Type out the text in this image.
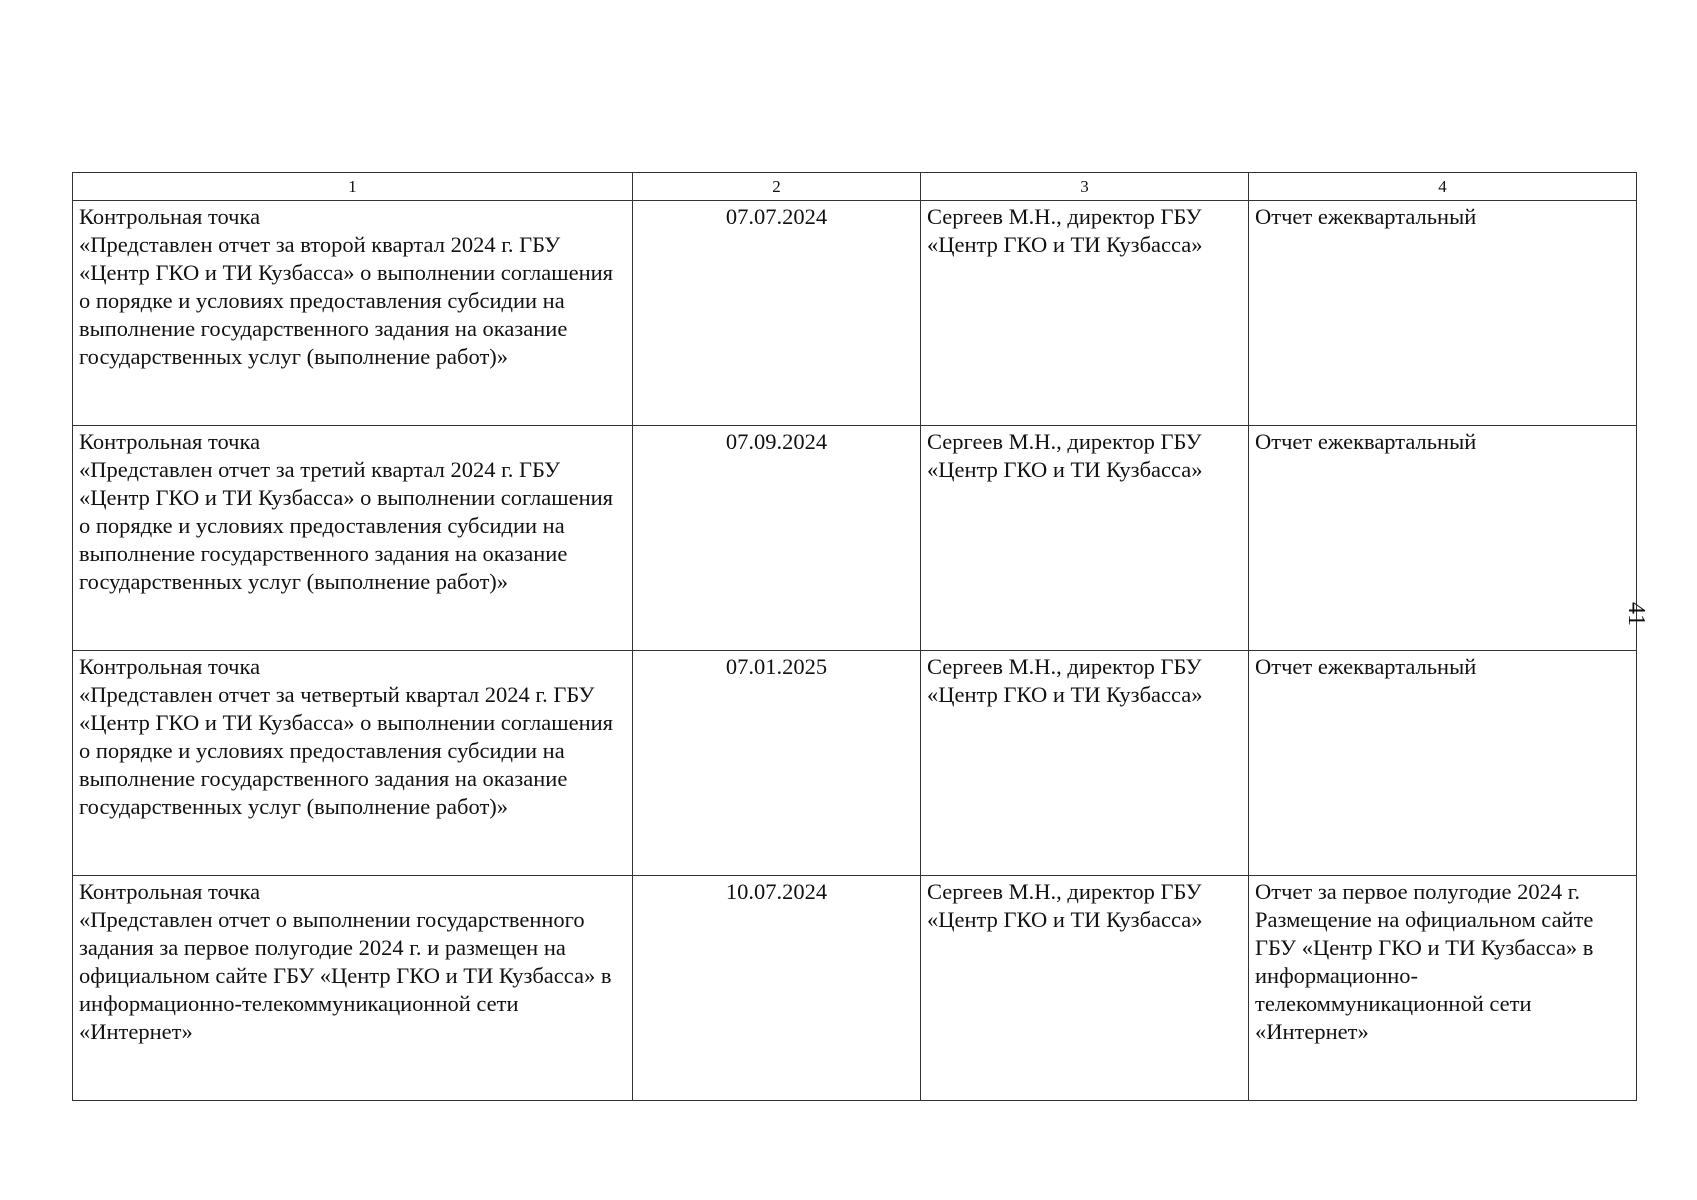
1	2	3	4

Контрольная точка
«Представлен отчет за второй квартал 2024 г. ГБУ «Центр ГКО и ТИ Кузбасса» о выполнении соглашения о порядке и условиях предоставления субсидии на выполнение государственного задания на оказание государственных услуг (выполнение работ)»	07.07.2024	Сергеев М.Н., директор ГБУ «Центр ГКО и ТИ Кузбасса»	Отчет ежеквартальный

Контрольная точка
«Представлен отчет за третий квартал 2024 г. ГБУ «Центр ГКО и ТИ Кузбасса» о выполнении соглашения о порядке и условиях предоставления субсидии на выполнение государственного задания на оказание государственных услуг (выполнение работ)»	07.09.2024	Сергеев М.Н., директор ГБУ «Центр ГКО и ТИ Кузбасса»	Отчет ежеквартальный

Контрольная точка
«Представлен отчет за четвертый квартал 2024 г. ГБУ «Центр ГКО и ТИ Кузбасса» о выполнении соглашения о порядке и условиях предоставления субсидии на выполнение государственного задания на оказание государственных услуг (выполнение работ)»	07.01.2025	Сергеев М.Н., директор ГБУ «Центр ГКО и ТИ Кузбасса»	Отчет ежеквартальный

Контрольная точка
«Представлен отчет о выполнении государственного задания за первое полугодие 2024 г. и размещен на официальном сайте ГБУ «Центр ГКО и ТИ Кузбасса» в информационно-телекоммуникационной сети «Интернет»	10.07.2024	Сергеев М.Н., директор ГБУ «Центр ГКО и ТИ Кузбасса»	Отчет за первое полугодие 2024 г. Размещение на официальном сайте ГБУ «Центр ГКО и ТИ Кузбасса» в информационно-телекоммуникационной сети «Интернет»
41
